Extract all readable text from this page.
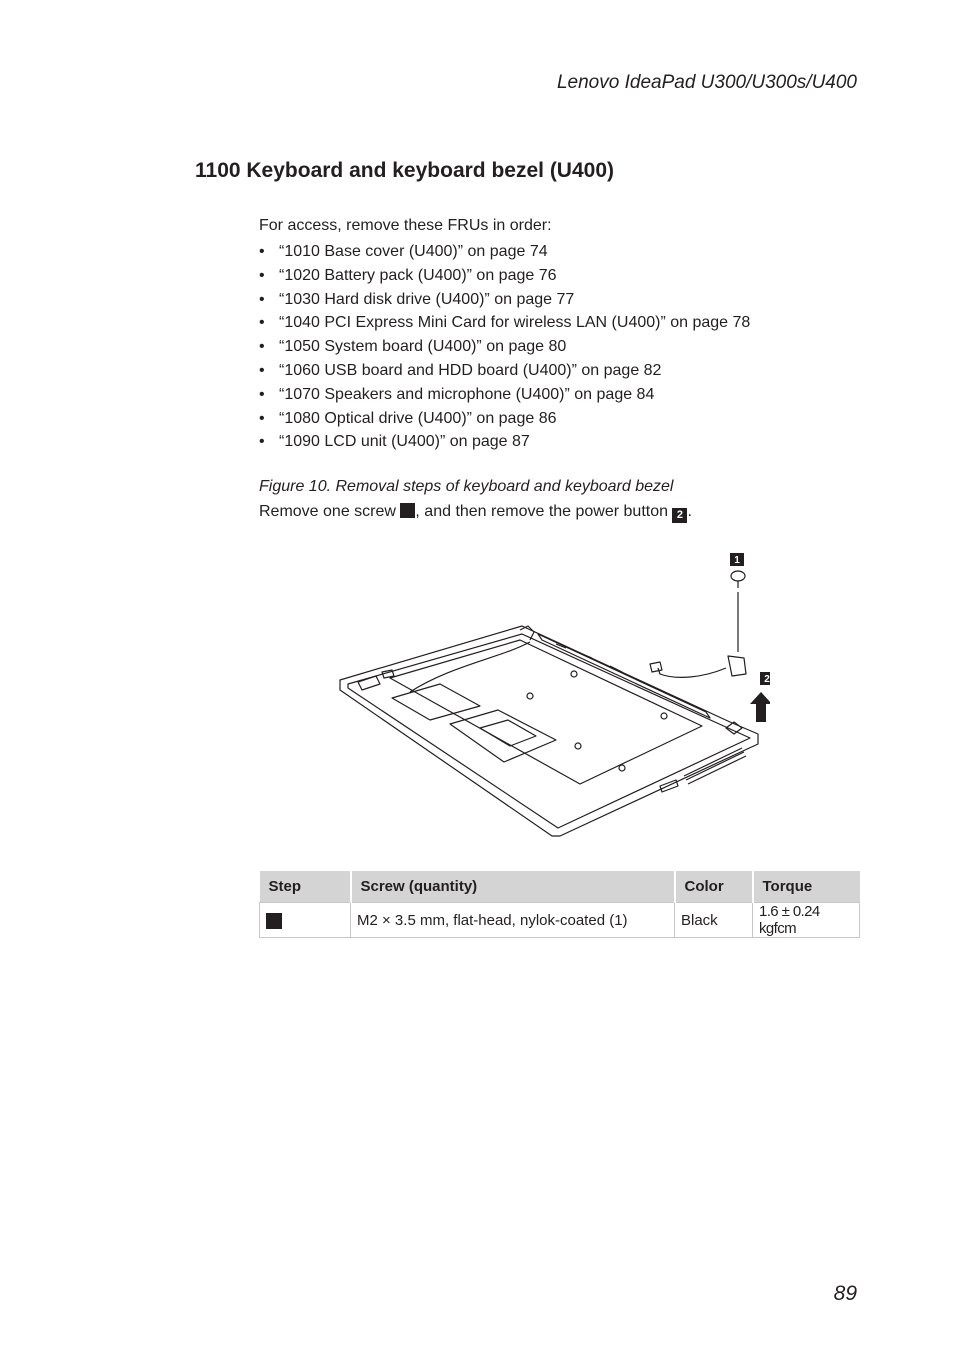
Lenovo IdeaPad U300/U300s/U400
1100 Keyboard and keyboard bezel (U400)

For access, remove these FRUs in order:

• “1010 Base cover (U400)” on page 74
• “1020 Battery pack (U400)” on page 76
• “1030 Hard disk drive (U400)” on page 77
• “1040 PCI Express Mini Card for wireless LAN (U400)” on page 78
• “1050 System board (U400)” on page 80
• “1060 USB board and HDD board (U400)” on page 82
• “1070 Speakers and microphone (U400)” on page 84
• “1080 Optical drive (U400)” on page 86
• “1090 LCD unit (U400)” on page 87

Figure 10. Removal steps of keyboard and keyboard bezel

Remove one screw , and then remove the power button 2 .

1
2
Step	Screw (quantity)	Color	Torque
	M2 × 3.5 mm, flat-head, nylok-coated (1)	Black	1.6 ± 0.24 kgfcm
89
